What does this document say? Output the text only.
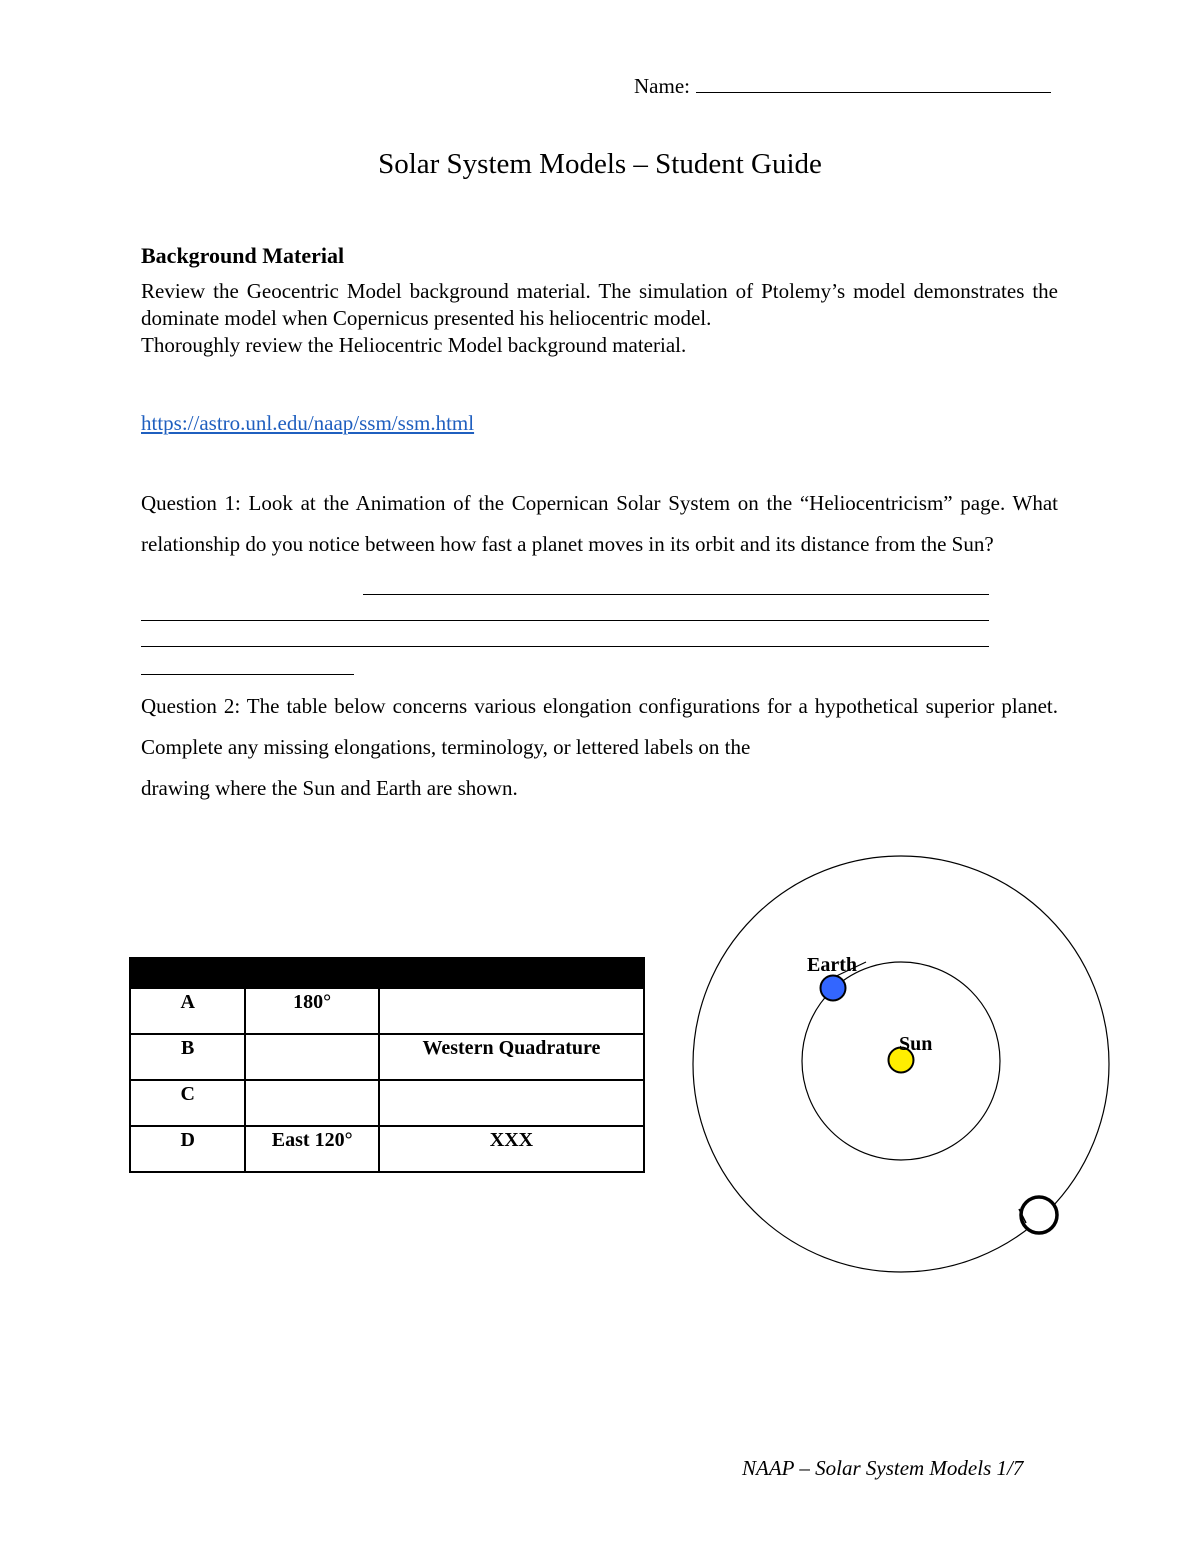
Name:
Solar System Models – Student Guide
Background Material
Review the Geocentric Model background material. The simulation of Ptolemy’s model demonstrates the dominate model when Copernicus presented his heliocentric model.
Thoroughly review the Heliocentric Model background material.
https://astro.unl.edu/naap/ssm/ssm.html
Question 1: Look at the Animation of the Copernican Solar System on the “Heliocentricism” page. What relationship do you notice between how fast a planet moves in its orbit and its distance from the Sun?
Question 2: The table below concerns various elongation configurations for a hypothetical superior planet. Complete any missing elongations, terminology, or lettered labels on the
drawing where the Sun and Earth are shown.

A	180°	
B		Western Quadrature
C		
D	East 120°	XXX
Earth
Sun
NAAP – Solar System Models 1/7
